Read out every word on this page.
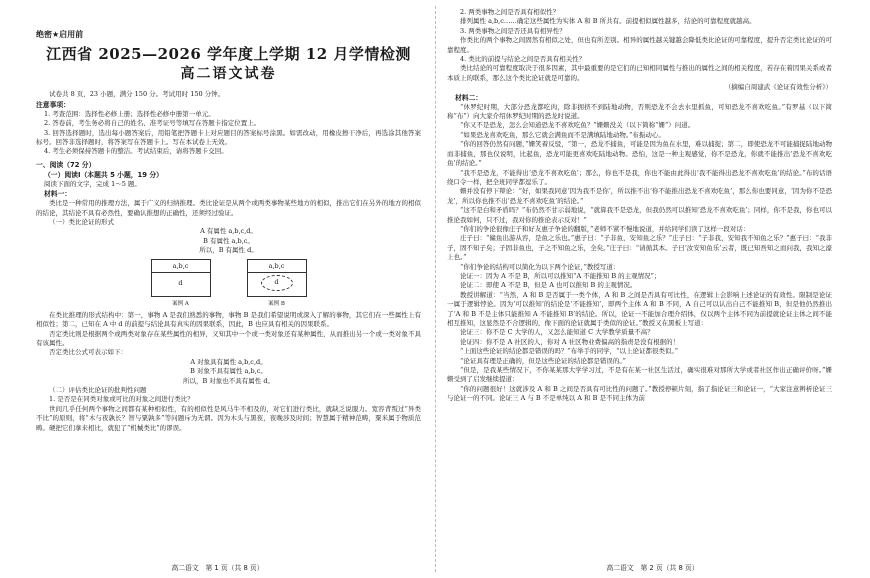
绝密★启用前

江西省 2025—2026 学年度上学期 12 月学情检测

高二语文试卷

试卷共 8 页，23 小题，满分 150 分。考试用时 150 分钟。

注意事项：

1. 考查范围：选择性必修上册；选择性必修中册第一单元。

2. 答卷前，考生务必将自己的姓名、准考证号等填写在答题卡指定位置上。

3. 回答选择题时，选出每小题答案后，用铅笔把答题卡上对应题目的答案标号涂黑。如需改动，用橡皮擦干净后，再选涂其他答案标号。回答非选择题时，将答案写在答题卡上。写在本试卷上无效。

4. 考生必须保持答题卡的整洁。考试结束后，请将答题卡交回。

一、阅读（72 分）

（一）阅读Ⅰ（本题共 5 小题，19 分）

阅读下面的文字，完成 1～5 题。

材料一：

类比是一种常用的推理方法，属于广义的归纳推理。类比论证是从两个或两类事物某些地方的相似，推出它们在另外的地方的相似的结论，其结论不具有必然性，要确认推想的正确性，还须经过验证。

（一）类比论证的形式

A 有属性 a,b,c,d。

B 有属性 a,b,c。

所以，B 有属性 d。

a,b,c
d
案例 A
a,b,c
d
案例 B

在类比推理的形式结构中：第一，事物 A 是我们熟悉的事物，事物 B 是我们希望说明或深入了解的事物，其它们在一些属性上有相似性；第二，已知在 A 中 d 的前提与结论具有真实的因果联系，因此，B 也应具有相关的因果联系。

否定类比则是根据两个或两类对象存在某些属性的相异，又知其中一个或一类对象还有某种属性，从而推出另一个或一类对象不具有该属性。

否定类比公式可表示如下：

A 对象具有属性 a,b,c,d。

B 对象不具有属性 a,b,c。

所以，B 对象也不具有属性 d。

（二）评估类比论证的批判性问题

1. 是否是在同类对象或可比的对象之间进行类比？

世间几乎任何两个事物之间都有某种相似性，有的相似性是风马牛不相及的，对它们进行类比，就缺乏说服力。宽容背叛过“异类不比”的原则，将“木与夜孰长？智与粟孰多”等问题斥为无谓。因为木头与黑夜，夜晚涉及时间；智慧属于精神范畴，粟米属于物质范畴。硬把它们拿来相比，就犯了“机械类比”的谬误。

高二语文　第 1 页（共 8 页）

2. 两类事物之间是否具有相似性？

排列属性 a,b,c……确定这些属性为实体 A 和 B 所共有。前提相似属性越多，结论的可靠程度就越高。

3. 两类事物之间是否还具有相异性？

作类比的两个事物之间固然有相似之处，但也有所差别。相异的属性越关键越会降低类比论证的可靠程度，提升否定类比论证的可靠程度。

4. 类比的前提与结论之间是否具有相关性？

类比结论的可靠程度取决于很多因素，其中最重要的是它们的已知相同属性与推出的属性之间的相关程度，若存在着因果关系或者本质上的联系，那么这个类比论证就是可靠的。

（摘编自周建武《论证有效性分析》）

材料二：

“休罗纪时期，大部分恐龙都吃肉，除非拥挤不到陆地动物，否则恐龙不会去水里抓鱼，可知恐龙不喜欢吃鱼。”有罗基（以下简称“布”）向大家介绍休罗纪时期的恐龙时说道。

“你又不是恐龙，怎么会知道恐龙不喜欢吃鱼？”姗姗没关（以下简称“姗”）问道。

“如果恐龙喜欢吃鱼，那么它就会满鱼而不是满填陆地动物。”布振动心。

“你的回答仍然有问题，”姗笑着反驳，“第一，恐龙不捕鱼，可能是因为鱼在水里，难以捕捉；第二，即使恐龙不可能捕捉陆地动物而非捕鱼，那也仅说明，比起鱼，恐龙可能更喜欢吃陆地动物。恐怕，这是一种主观感觉，你不是恐龙，你就不能推出‘恐龙不喜欢吃鱼’的结论。”

“我不是恐龙，不能得出‘恐龙不喜欢吃鱼’；那么，你也不是我，你也不能由此得出‘我不能得出恐龙不喜欢吃鱼’的结论。”布的话语绕口令一样，把全班同学都逗乐了。

姗并没有停下辩论：“好，如果我同意‘因为我不是你’，所以推不出‘你不能推出恐龙不喜欢吃鱼’，那么你也要同意，‘因为你不是恐龙’，所以你也推不出‘恐龙不喜欢吃鱼’的结论。”

“这不是白和矛盾吗？”布仍然不甘示弱地说，“就算我不是恐龙，但我仍然可以推知‘恐龙不喜欢吃鱼’；同样，你不是我，你也可以推论我如何，只不过，我对你的推论表示反对！”

“你们的争论很像庄子和好友惠子争论的翻版，”老师不紧不慢地说道，并给同学们读了这样一段对话：

庄子曰：“鯈鱼出游从容，是鱼之乐也。”惠子曰：“子非鱼，安知鱼之乐？”庄子曰：“子非我，安知我不知鱼之乐？”惠子曰：“我非子，固不知子矣；子固非鱼也，子之不知鱼之乐，全矣。”庄子曰：“请循其本。子曰‘汝安知鱼乐’云者，既已知吾知之而问我，我知之濠上也。”

“你们争论的结构可以简化为以下两个论证，”教授写道：

论证一：因为 A 不是 B，所以可以推知“A 不能推知 B 的主观情况”；

论证二：即使 A 不是 B，但是 A 也可以推知 B 的主观情况。

教授讲解道：“当然，A 和 B 是否属于一类个体，A 和 B 之间是否具有可比性，在逻辑上会影响上述论证的有效性。限制是论证一属于逻辑悖论。因为‘可以推知’的结论是‘不能推知’，即两个主体 A 和 B 不同，A 自己可以认出自己不能推知 B，但是他仍然推出了‘A 和 B 不是主体只能推知 A 不能推知 B’的结论。所以，论证一不能加合理介绍体，仅以两个主体不同为前提就论证主体之间不能相互推知，这显然是不合逻辑的，像下面的论证就属于类似的论证。”教授又在黑板上写道：

论证三：你不是 C 大学的人，又怎么能知道 C 大学教学质量不高？

论证四：你不是 A 社区的人，你对 A 社区物业费偏高的指责是没有根据的！

“上面这些论证的结论都是错误的吗？”布举手的同学，“以上论证都很类似。”

“论证具有理是正确的，但是这些论证的结论都是错误的。”

“但是，是我某些情况下，不你某某那大学学习过，不是有在某一社区生活过，确实很难对那所大学或者社区作出正确评价呀。”姗姗受到了启发继续提道：

“你的问题很好！这就涉及 A 和 B 之间是否具有可比性的问题了。”教授停顿片刻，指了指论证三和论证一，“大家注意辨析论证三与论证一的不同。论证三 A 与 B 不是单纯以 A 和 B 是不同主体为前

高二语文　第 2 页（共 8 页）
